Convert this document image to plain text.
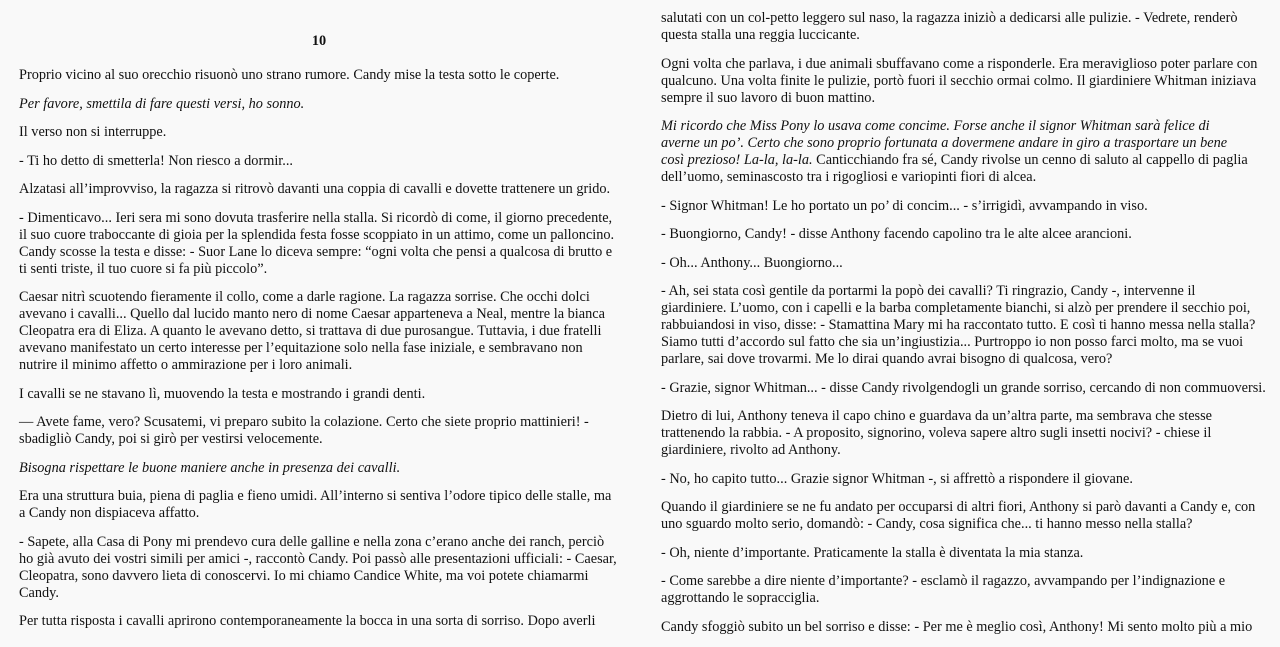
10

Proprio vicino al suo orecchio risuonò uno strano rumore. Candy mise la testa sotto le coperte.

Per favore, smettila di fare questi versi, ho sonno.

Il verso non si interruppe.

- Ti ho detto di smetterla! Non riesco a dormir...

Alzatasi all’improvviso, la ragazza si ritrovò davanti una coppia di cavalli e dovette trattenere un grido.

- Dimenticavo... Ieri sera mi sono dovuta trasferire nella stalla. Si ricordò di come, il giorno precedente,
il suo cuore traboccante di gioia per la splendida festa fosse scoppiato in un attimo, come un palloncino.
Candy scosse la testa e disse: - Suor Lane lo diceva sempre: “ogni volta che pensi a qualcosa di brutto e
ti senti triste, il tuo cuore si fa più piccolo”.

Caesar nitrì scuotendo fieramente il collo, come a darle ragione. La ragazza sorrise. Che occhi dolci
avevano i cavalli... Quello dal lucido manto nero di nome Caesar apparteneva a Neal, mentre la bianca
Cleopatra era di Eliza. A quanto le avevano detto, si trattava di due purosangue. Tuttavia, i due fratelli
avevano manifestato un certo interesse per l’equitazione solo nella fase iniziale, e sembravano non
nutrire il minimo affetto o ammirazione per i loro animali.

I cavalli se ne stavano lì, muovendo la testa e mostrando i grandi denti.

— Avete fame, vero? Scusatemi, vi preparo subito la colazione. Certo che siete proprio mattinieri! -
sbadigliò Candy, poi si girò per vestirsi velocemente.

Bisogna rispettare le buone maniere anche in presenza dei cavalli.

Era una struttura buia, piena di paglia e fieno umidi. All’interno si sentiva l’odore tipico delle stalle, ma
a Candy non dispiaceva affatto.

- Sapete, alla Casa di Pony mi prendevo cura delle galline e nella zona c’erano anche dei ranch, perciò
ho già avuto dei vostri simili per amici -, raccontò Candy. Poi passò alle presentazioni ufficiali: - Caesar,
Cleopatra, sono davvero lieta di conoscervi. Io mi chiamo Candice White, ma voi potete chiamarmi
Candy.

Per tutta risposta i cavalli aprirono contemporaneamente la bocca in una sorta di sorriso. Dopo averli

salutati con un col-petto leggero sul naso, la ragazza iniziò a dedicarsi alle pulizie. - Vedrete, renderò
questa stalla una reggia luccicante.

Ogni volta che parlava, i due animali sbuffavano come a risponderle. Era meraviglioso poter parlare con
qualcuno. Una volta finite le pulizie, portò fuori il secchio ormai colmo. Il giardiniere Whitman iniziava
sempre il suo lavoro di buon mattino.

Mi ricordo che Miss Pony lo usava come concime. Forse anche il signor Whitman sarà felice di
averne un po’. Certo che sono proprio fortunata a dovermene andare in giro a trasportare un bene
così prezioso! La-la, la-la. Canticchiando fra sé, Candy rivolse un cenno di saluto al cappello di paglia
dell’uomo, seminascosto tra i rigogliosi e variopinti fiori di alcea.

- Signor Whitman! Le ho portato un po’ di concim... - s’irrigidì, avvampando in viso.

- Buongiorno, Candy! - disse Anthony facendo capolino tra le alte alcee arancioni.

- Oh... Anthony... Buongiorno...

- Ah, sei stata così gentile da portarmi la popò dei cavalli? Ti ringrazio, Candy -, intervenne il
giardiniere. L’uomo, con i capelli e la barba completamente bianchi, si alzò per prendere il secchio poi,
rabbuiandosi in viso, disse: - Stamattina Mary mi ha raccontato tutto. E così ti hanno messa nella stalla?
Siamo tutti d’accordo sul fatto che sia un’ingiustizia... Purtroppo io non posso farci molto, ma se vuoi
parlare, sai dove trovarmi. Me lo dirai quando avrai bisogno di qualcosa, vero?

- Grazie, signor Whitman... - disse Candy rivolgendogli un grande sorriso, cercando di non commuoversi.

Dietro di lui, Anthony teneva il capo chino e guardava da un’altra parte, ma sembrava che stesse
trattenendo la rabbia. - A proposito, signorino, voleva sapere altro sugli insetti nocivi? - chiese il
giardiniere, rivolto ad Anthony.

- No, ho capito tutto... Grazie signor Whitman -, si affrettò a rispondere il giovane.

Quando il giardiniere se ne fu andato per occuparsi di altri fiori, Anthony si parò davanti a Candy e, con
uno sguardo molto serio, domandò: - Candy, cosa significa che... ti hanno messo nella stalla?

- Oh, niente d’importante. Praticamente la stalla è diventata la mia stanza.

- Come sarebbe a dire niente d’importante? - esclamò il ragazzo, avvampando per l’indignazione e
aggrottando le sopracciglia.

Candy sfoggiò subito un bel sorriso e disse: - Per me è meglio così, Anthony! Mi sento molto più a mio
